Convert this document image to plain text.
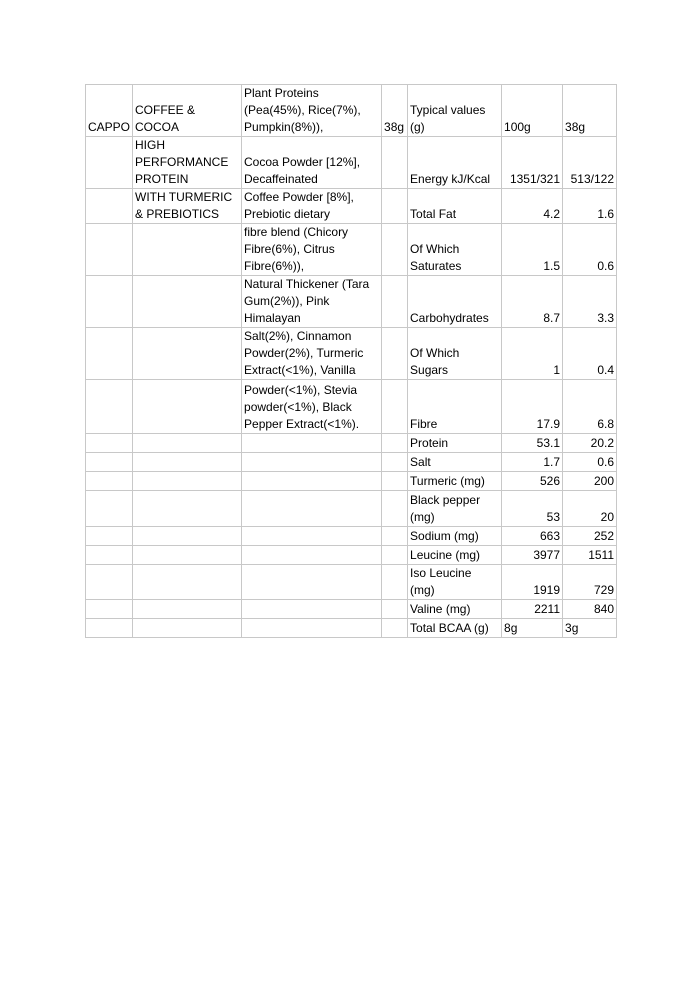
CAPPO	COFFEE & COCOA	Plant Proteins (Pea(45%), Rice(7%), Pumpkin(8%)),	38g	Typical values (g)	100g	38g
	HIGH PERFORMANCE PROTEIN	Cocoa Powder [12%], Decaffeinated		Energy kJ/Kcal	1351/321	513/122
	WITH TURMERIC & PREBIOTICS	Coffee Powder [8%], Prebiotic dietary		Total Fat	4.2	1.6
		fibre blend (Chicory Fibre(6%), Citrus Fibre(6%)),		Of Which Saturates	1.5	0.6
		Natural Thickener (Tara Gum(2%)), Pink Himalayan		Carbohydrates	8.7	3.3
		Salt(2%), Cinnamon Powder(2%), Turmeric Extract(<1%), Vanilla		Of Which Sugars	1	0.4
		Powder(<1%), Stevia powder(<1%), Black Pepper Extract(<1%).		Fibre	17.9	6.8
				Protein	53.1	20.2
				Salt	1.7	0.6
				Turmeric (mg)	526	200
				Black pepper (mg)	53	20
				Sodium (mg)	663	252
				Leucine (mg)	3977	1511
				Iso Leucine (mg)	1919	729
				Valine (mg)	2211	840
				Total BCAA (g)	8g	3g
